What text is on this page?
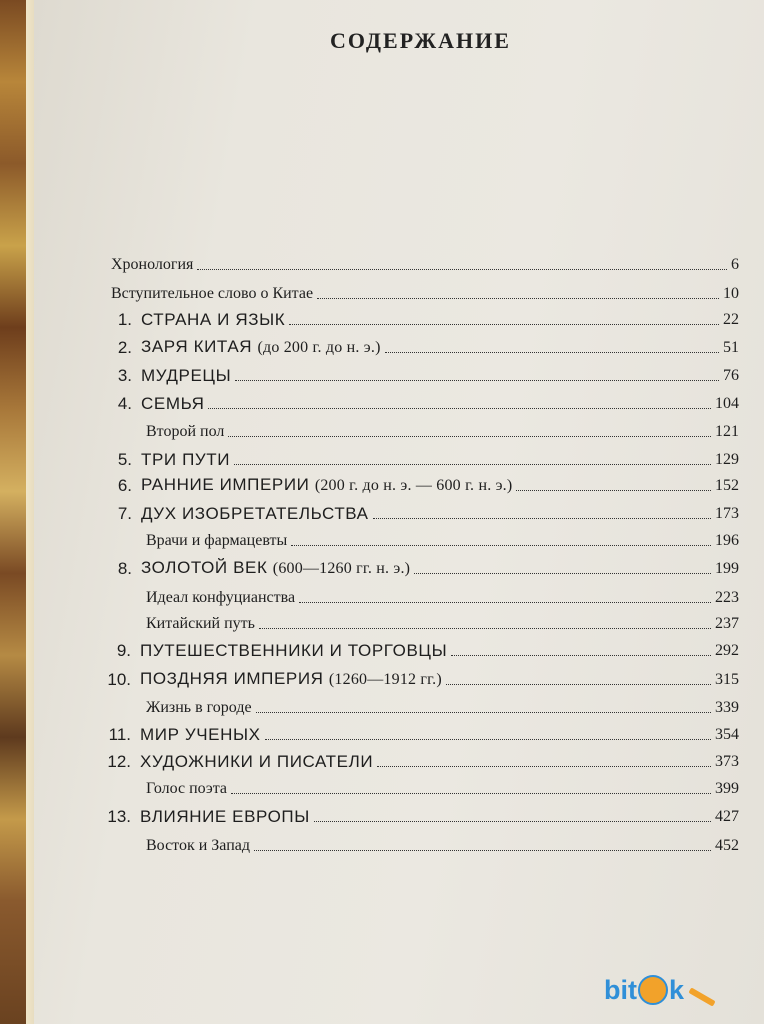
СОДЕРЖАНИЕ
Хронология	6
Вступительное слово о Китае	10
1. СТРАНА И ЯЗЫК	22
2. ЗАРЯ КИТАЯ (до 200 г. до н. э.)	51
3. МУДРЕЦЫ	76
4. СЕМЬЯ	104
Второй пол	121
5. ТРИ ПУТИ	129
6. РАННИЕ ИМПЕРИИ (200 г. до н. э. — 600 г. н. э.)	152
7. ДУХ ИЗОБРЕТАТЕЛЬСТВА	173
Врачи и фармацевты	196
8. ЗОЛОТОЙ ВЕК (600—1260 гг. н. э.)	199
Идеал конфуцианства	223
Китайский путь	237
9. ПУТЕШЕСТВЕННИКИ И ТОРГОВЦЫ	292
10. ПОЗДНЯЯ ИМПЕРИЯ (1260—1912 гг.)	315
Жизнь в городе	339
11. МИР УЧЕНЫХ	354
12. ХУДОЖНИКИ И ПИСАТЕЛИ	373
Голос поэта	399
13. ВЛИЯНИЕ ЕВРОПЫ	427
Восток и Запад	452
bit k
